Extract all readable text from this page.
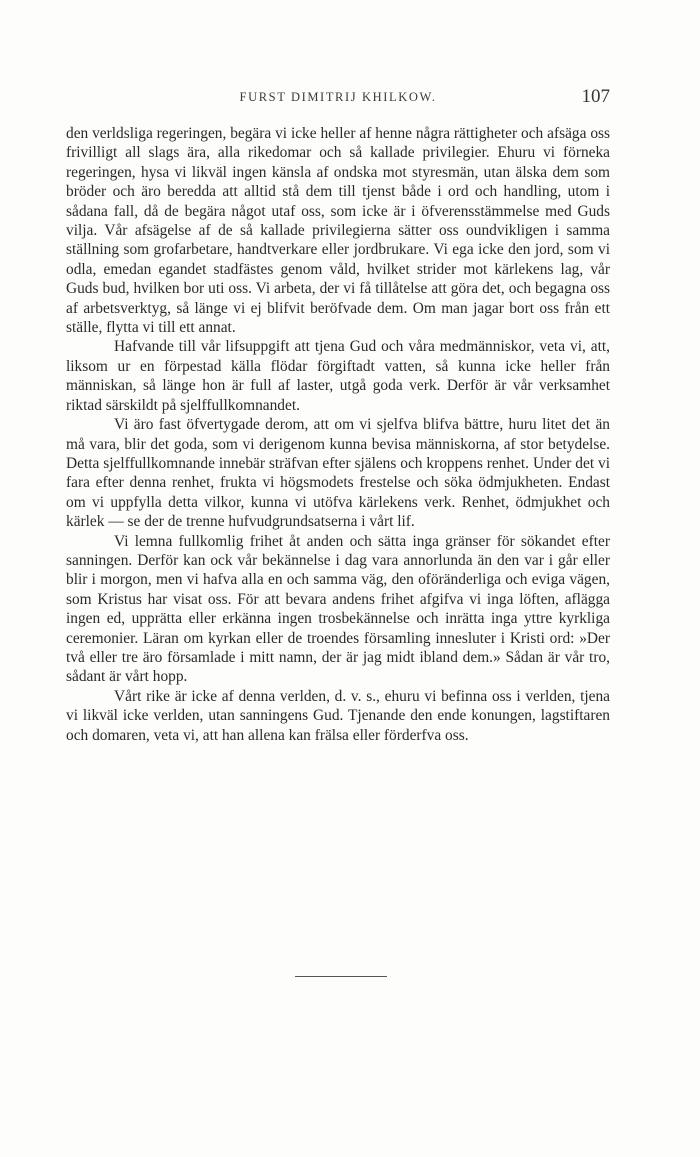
FURST DIMITRIJ KHILKOW.	107

den verldsliga regeringen, begära vi icke heller af henne några rättigheter och afsäga oss frivilligt all slags ära, alla rikedomar och så kallade privilegier. Ehuru vi förneka regeringen, hysa vi likväl ingen känsla af ondska mot styresmän, utan älska dem som bröder och äro beredda att alltid stå dem till tjenst både i ord och handling, utom i sådana fall, då de begära något utaf oss, som icke är i öfverensstämmelse med Guds vilja. Vår afsägelse af de så kallade privilegierna sätter oss oundvikligen i samma ställning som grofarbetare, handtverkare eller jordbrukare. Vi ega icke den jord, som vi odla, emedan egandet stadfästes genom våld, hvilket strider mot kärlekens lag, vår Guds bud, hvilken bor uti oss. Vi arbeta, der vi få tillåtelse att göra det, och begagna oss af arbetsverktyg, så länge vi ej blifvit beröfvade dem. Om man jagar bort oss från ett ställe, flytta vi till ett annat.

Hafvande till vår lifsuppgift att tjena Gud och våra medmänniskor, veta vi, att, liksom ur en förpestad källa flödar förgiftadt vatten, så kunna icke heller från människan, så länge hon är full af laster, utgå goda verk. Derför är vår verksamhet riktad särskildt på sjelffullkomnandet.

Vi äro fast öfvertygade derom, att om vi sjelfva blifva bättre, huru litet det än må vara, blir det goda, som vi derigenom kunna bevisa människorna, af stor betydelse. Detta sjelffullkomnande innebär sträfvan efter själens och kroppens renhet. Under det vi fara efter denna renhet, frukta vi högsmodets frestelse och söka ödmjukheten. Endast om vi uppfylla detta vilkor, kunna vi utöfva kärlekens verk. Renhet, ödmjukhet och kärlek — se der de trenne hufvudgrundsatserna i vårt lif.

Vi lemna fullkomlig frihet åt anden och sätta inga gränser för sökandet efter sanningen. Derför kan ock vår bekännelse i dag vara annorlunda än den var i går eller blir i morgon, men vi hafva alla en och samma väg, den oföränderliga och eviga vägen, som Kristus har visat oss. För att bevara andens frihet afgifva vi inga löften, aflägga ingen ed, upprätta eller erkänna ingen trosbekännelse och inrätta inga yttre kyrkliga ceremonier. Läran om kyrkan eller de troendes församling innesluter i Kristi ord: »Der två eller tre äro församlade i mitt namn, der är jag midt ibland dem.» Sådan är vår tro, sådant är vårt hopp.

Vårt rike är icke af denna verlden, d. v. s., ehuru vi befinna oss i verlden, tjena vi likväl icke verlden, utan sanningens Gud. Tjenande den ende konungen, lagstiftaren och domaren, veta vi, att han allena kan frälsa eller förderfva oss.
